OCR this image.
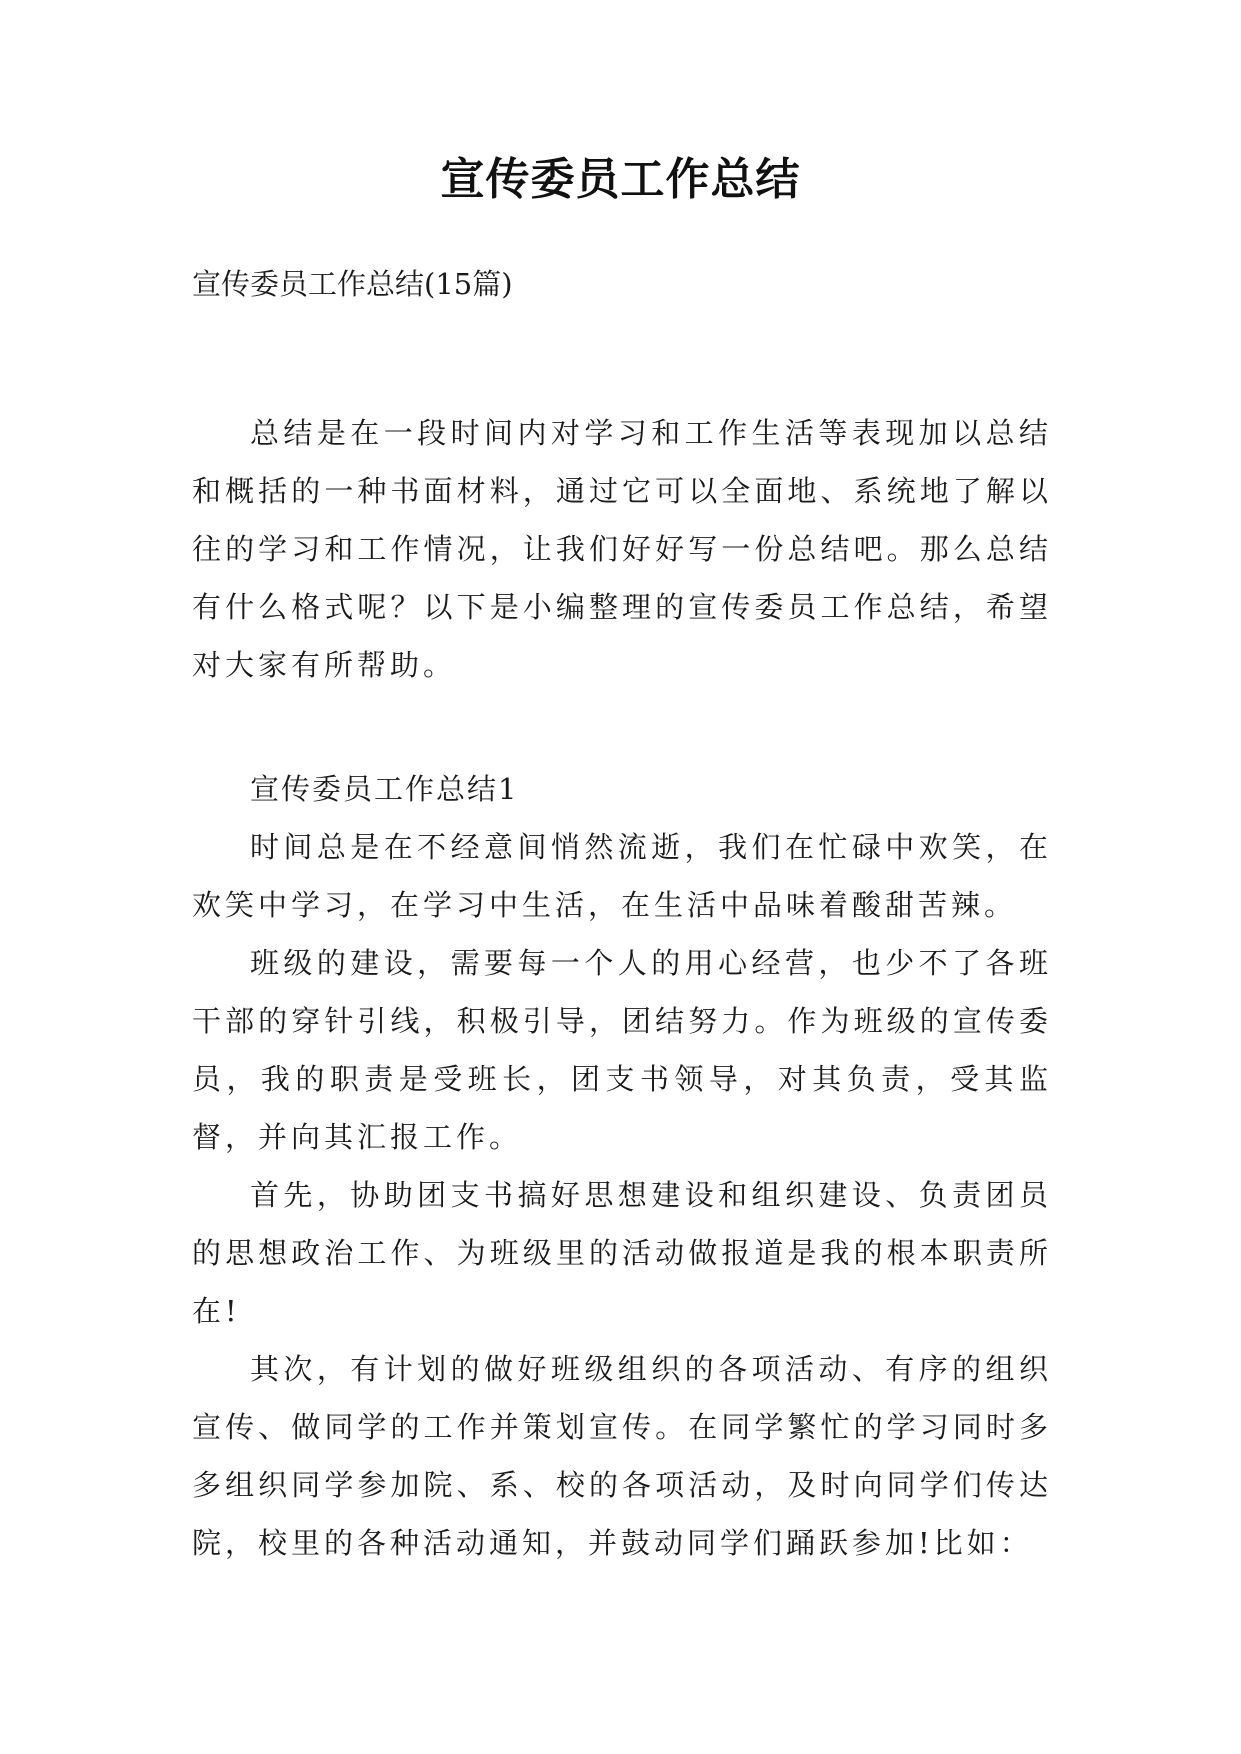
宣传委员工作总结
宣传委员工作总结(15篇)

总结是在一段时间内对学习和工作生活等表现加以总结和概括的一种书面材料，通过它可以全面地、系统地了解以往的学习和工作情况，让我们好好写一份总结吧。那么总结有什么格式呢？以下是小编整理的宣传委员工作总结，希望对大家有所帮助。

宣传委员工作总结1

时间总是在不经意间悄然流逝，我们在忙碌中欢笑，在欢笑中学习，在学习中生活，在生活中品味着酸甜苦辣。

班级的建设，需要每一个人的用心经营，也少不了各班干部的穿针引线，积极引导，团结努力。作为班级的宣传委员，我的职责是受班长，团支书领导，对其负责，受其监督，并向其汇报工作。

首先，协助团支书搞好思想建设和组织建设、负责团员的思想政治工作、为班级里的活动做报道是我的根本职责所在!

其次，有计划的做好班级组织的各项活动、有序的组织宣传、做同学的工作并策划宣传。在同学繁忙的学习同时多多组织同学参加院、系、校的各项活动，及时向同学们传达院，校里的各种活动通知，并鼓动同学们踊跃参加!比如：
